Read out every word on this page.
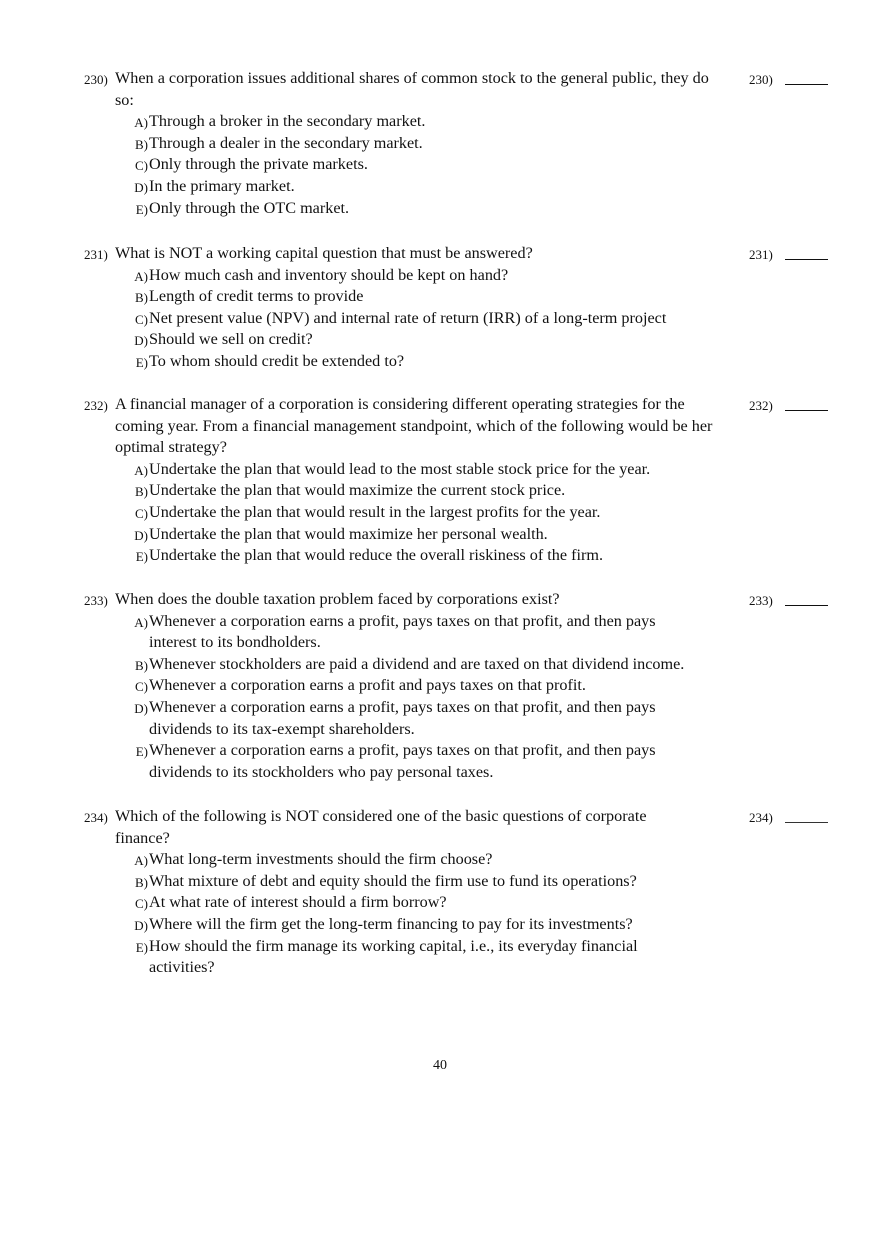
230) When a corporation issues additional shares of common stock to the general public, they do so:

A) Through a broker in the secondary market.
B) Through a dealer in the secondary market.
C) Only through the private markets.
D) In the primary market.
E) Only through the OTC market.
230)
231) What is NOT a working capital question that must be answered?

A) How much cash and inventory should be kept on hand?
B) Length of credit terms to provide
C) Net present value (NPV) and internal rate of return (IRR) of a long-term project
D) Should we sell on credit?
E) To whom should credit be extended to?
231)
232) A financial manager of a corporation is considering different operating strategies for the coming year. From a financial management standpoint, which of the following would be her optimal strategy?

A) Undertake the plan that would lead to the most stable stock price for the year.
B) Undertake the plan that would maximize the current stock price.
C) Undertake the plan that would result in the largest profits for the year.
D) Undertake the plan that would maximize her personal wealth.
E) Undertake the plan that would reduce the overall riskiness of the firm.
232)
233) When does the double taxation problem faced by corporations exist?

A) Whenever a corporation earns a profit, pays taxes on that profit, and then pays interest to its bondholders.
B) Whenever stockholders are paid a dividend and are taxed on that dividend income.
C) Whenever a corporation earns a profit and pays taxes on that profit.
D) Whenever a corporation earns a profit, pays taxes on that profit, and then pays dividends to its tax-exempt shareholders.
E) Whenever a corporation earns a profit, pays taxes on that profit, and then pays dividends to its stockholders who pay personal taxes.
233)
234) Which of the following is NOT considered one of the basic questions of corporate finance?

A) What long-term investments should the firm choose?
B) What mixture of debt and equity should the firm use to fund its operations?
C) At what rate of interest should a firm borrow?
D) Where will the firm get the long-term financing to pay for its investments?
E) How should the firm manage its working capital, i.e., its everyday financial activities?
234)
40
